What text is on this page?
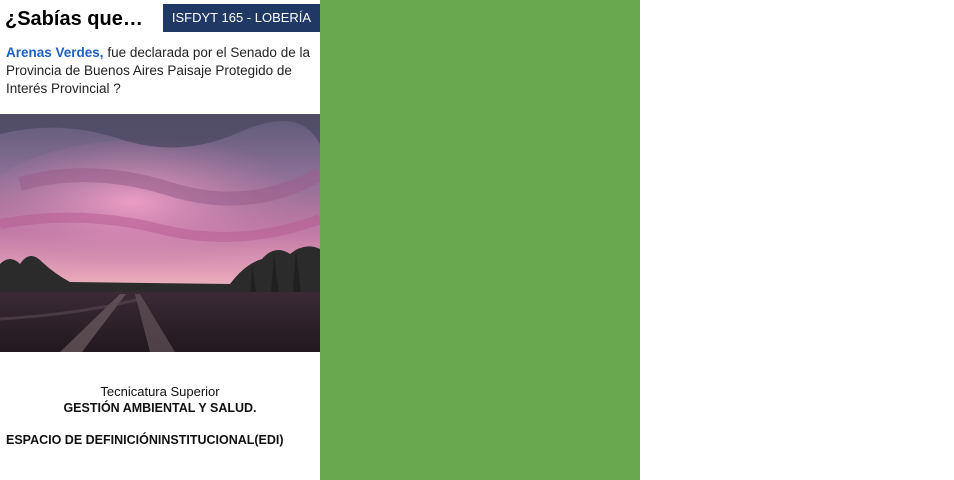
¿Sabías que…	ISFDYT 165 - LOBERÍA
Arenas Verdes, fue declarada por el Senado de la Provincia de Buenos Aires Paisaje Protegido de Interés Provincial ?
Tecnicatura Superior
GESTIÓN AMBIENTAL Y SALUD.
ESPACIO DE DEFINICIÓNINSTITUCIONAL(EDI)
El 30 de mayo de 2019 Arenas Verdes fue declarada Paisaje Protegido y Desarrollo Eco turístico de Interés Provincial, por Ley 15141
Con el objeto de conservar y preservar su forestación y sus zonas adyacentes de playa y dunas, propiciando un desarrollo urbanístico y turístico sustentable, que permita disfrutar de un lugar tranquilo en contacto con la naturaleza.
Referencia:
@floraarenasverdes
